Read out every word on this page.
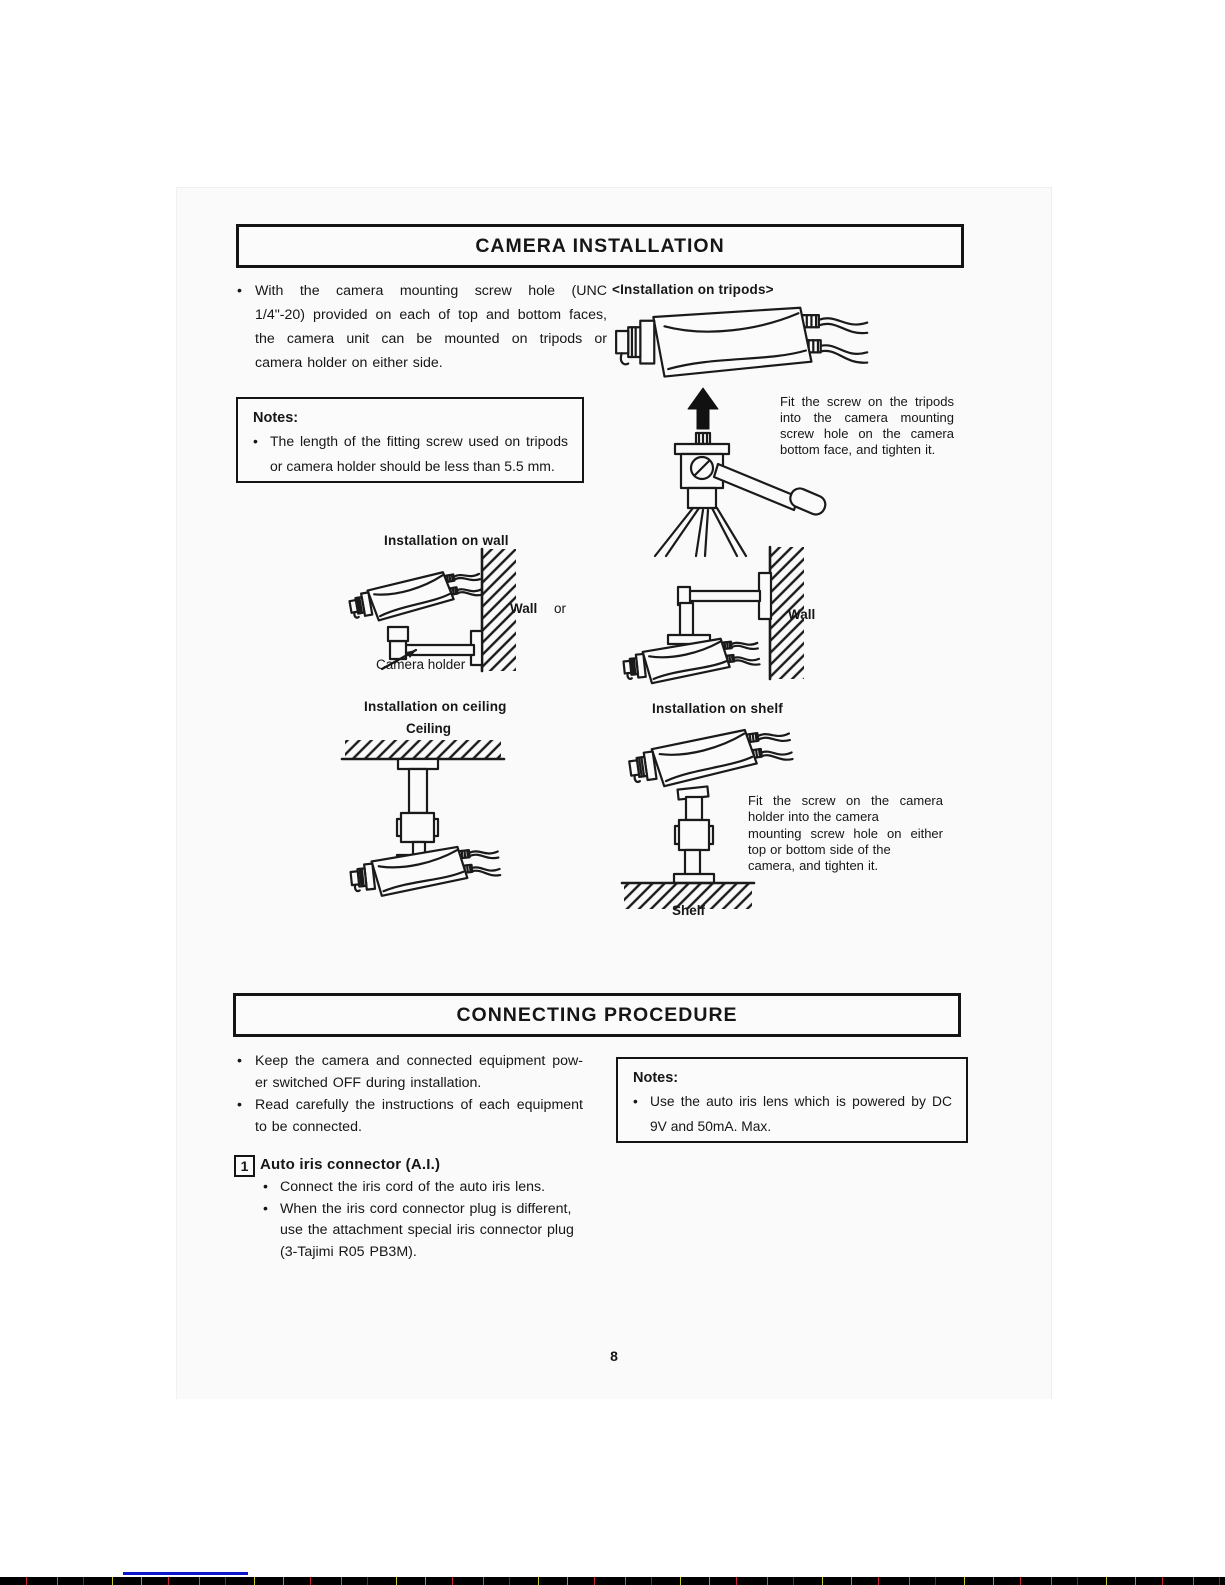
CAMERA INSTALLATION
• With the camera mounting screw hole (UNC
1/4"-20) provided on each of top and bottom faces,
the camera unit can be mounted on tripods or
camera holder on either side.
<Installation on tripods>
Fit the screw on the tripods
into the camera mounting
screw hole on the camera
bottom face, and tighten it.
Notes:
• The length of the fitting screw used on tripods
or camera holder should be less than 5.5 mm.
Installation on wall
Wall or
Camera holder
Wall
Installation on ceiling
Ceiling
Installation on shelf
Shelf
Fit the screw on the camera
holder into the camera
mounting screw hole on either
top or bottom side of the
camera, and tighten it.
CONNECTING PROCEDURE
• Keep the camera and connected equipment pow-
er switched OFF during installation.
• Read carefully the instructions of each equipment
to be connected.
Notes:
• Use the auto iris lens which is powered by DC
9V and 50mA. Max.
1 Auto iris connector (A.I.)
• Connect the iris cord of the auto iris lens.
• When the iris cord connector plug is different,
use the attachment special iris connector plug
(3-Tajimi R05 PB3M).
8
